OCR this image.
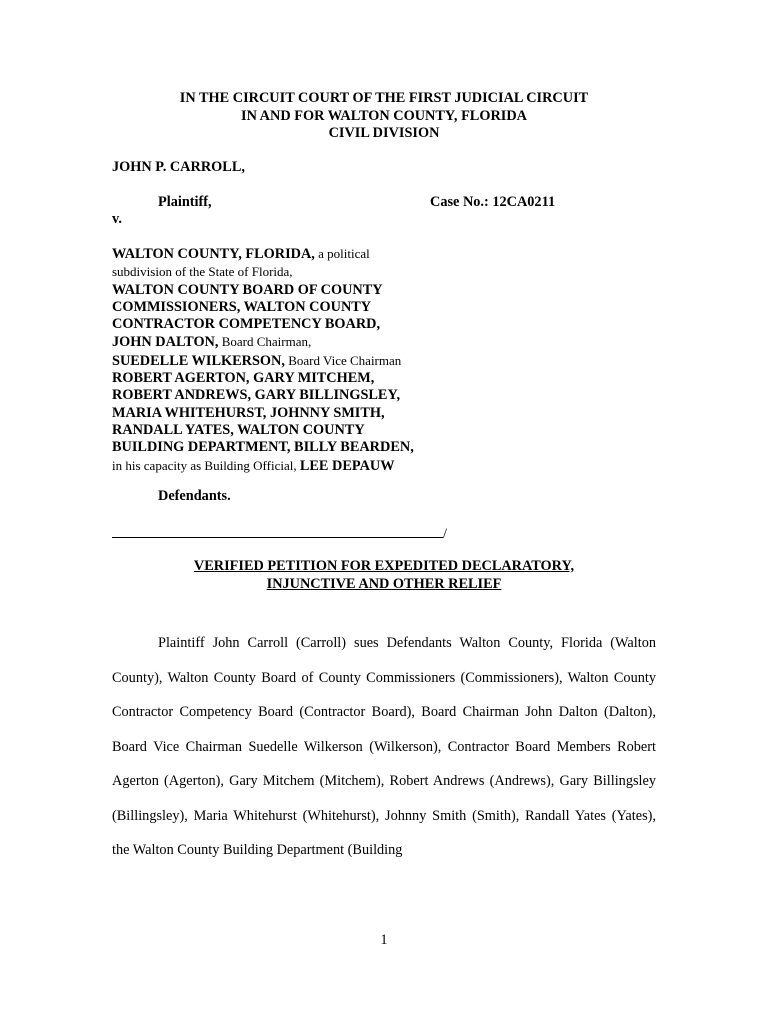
IN THE CIRCUIT COURT OF THE FIRST JUDICIAL CIRCUIT
IN AND FOR WALTON COUNTY, FLORIDA
CIVIL DIVISION
JOHN P. CARROLL,
Plaintiff,	Case No.: 12CA0211
v.
WALTON COUNTY, FLORIDA, a political
subdivision of the State of Florida,
WALTON COUNTY BOARD OF COUNTY
COMMISSIONERS, WALTON COUNTY
CONTRACTOR COMPETENCY BOARD,
JOHN DALTON, Board Chairman,
SUEDELLE WILKERSON, Board Vice Chairman
ROBERT AGERTON, GARY MITCHEM,
ROBERT ANDREWS, GARY BILLINGSLEY,
MARIA WHITEHURST, JOHNNY SMITH,
RANDALL YATES, WALTON COUNTY
BUILDING DEPARTMENT, BILLY BEARDEN,
in his capacity as Building Official, LEE DEPAUW
Defendants.
/
VERIFIED PETITION FOR EXPEDITED DECLARATORY,
INJUNCTIVE AND OTHER RELIEF

Plaintiff John Carroll (Carroll) sues Defendants Walton County, Florida (Walton County), Walton County Board of County Commissioners (Commissioners), Walton County Contractor Competency Board (Contractor Board), Board Chairman John Dalton (Dalton), Board Vice Chairman Suedelle Wilkerson (Wilkerson), Contractor Board Members Robert Agerton (Agerton), Gary Mitchem (Mitchem), Robert Andrews (Andrews), Gary Billingsley (Billingsley), Maria Whitehurst (Whitehurst), Johnny Smith (Smith), Randall Yates (Yates), the Walton County Building Department (Building

1
